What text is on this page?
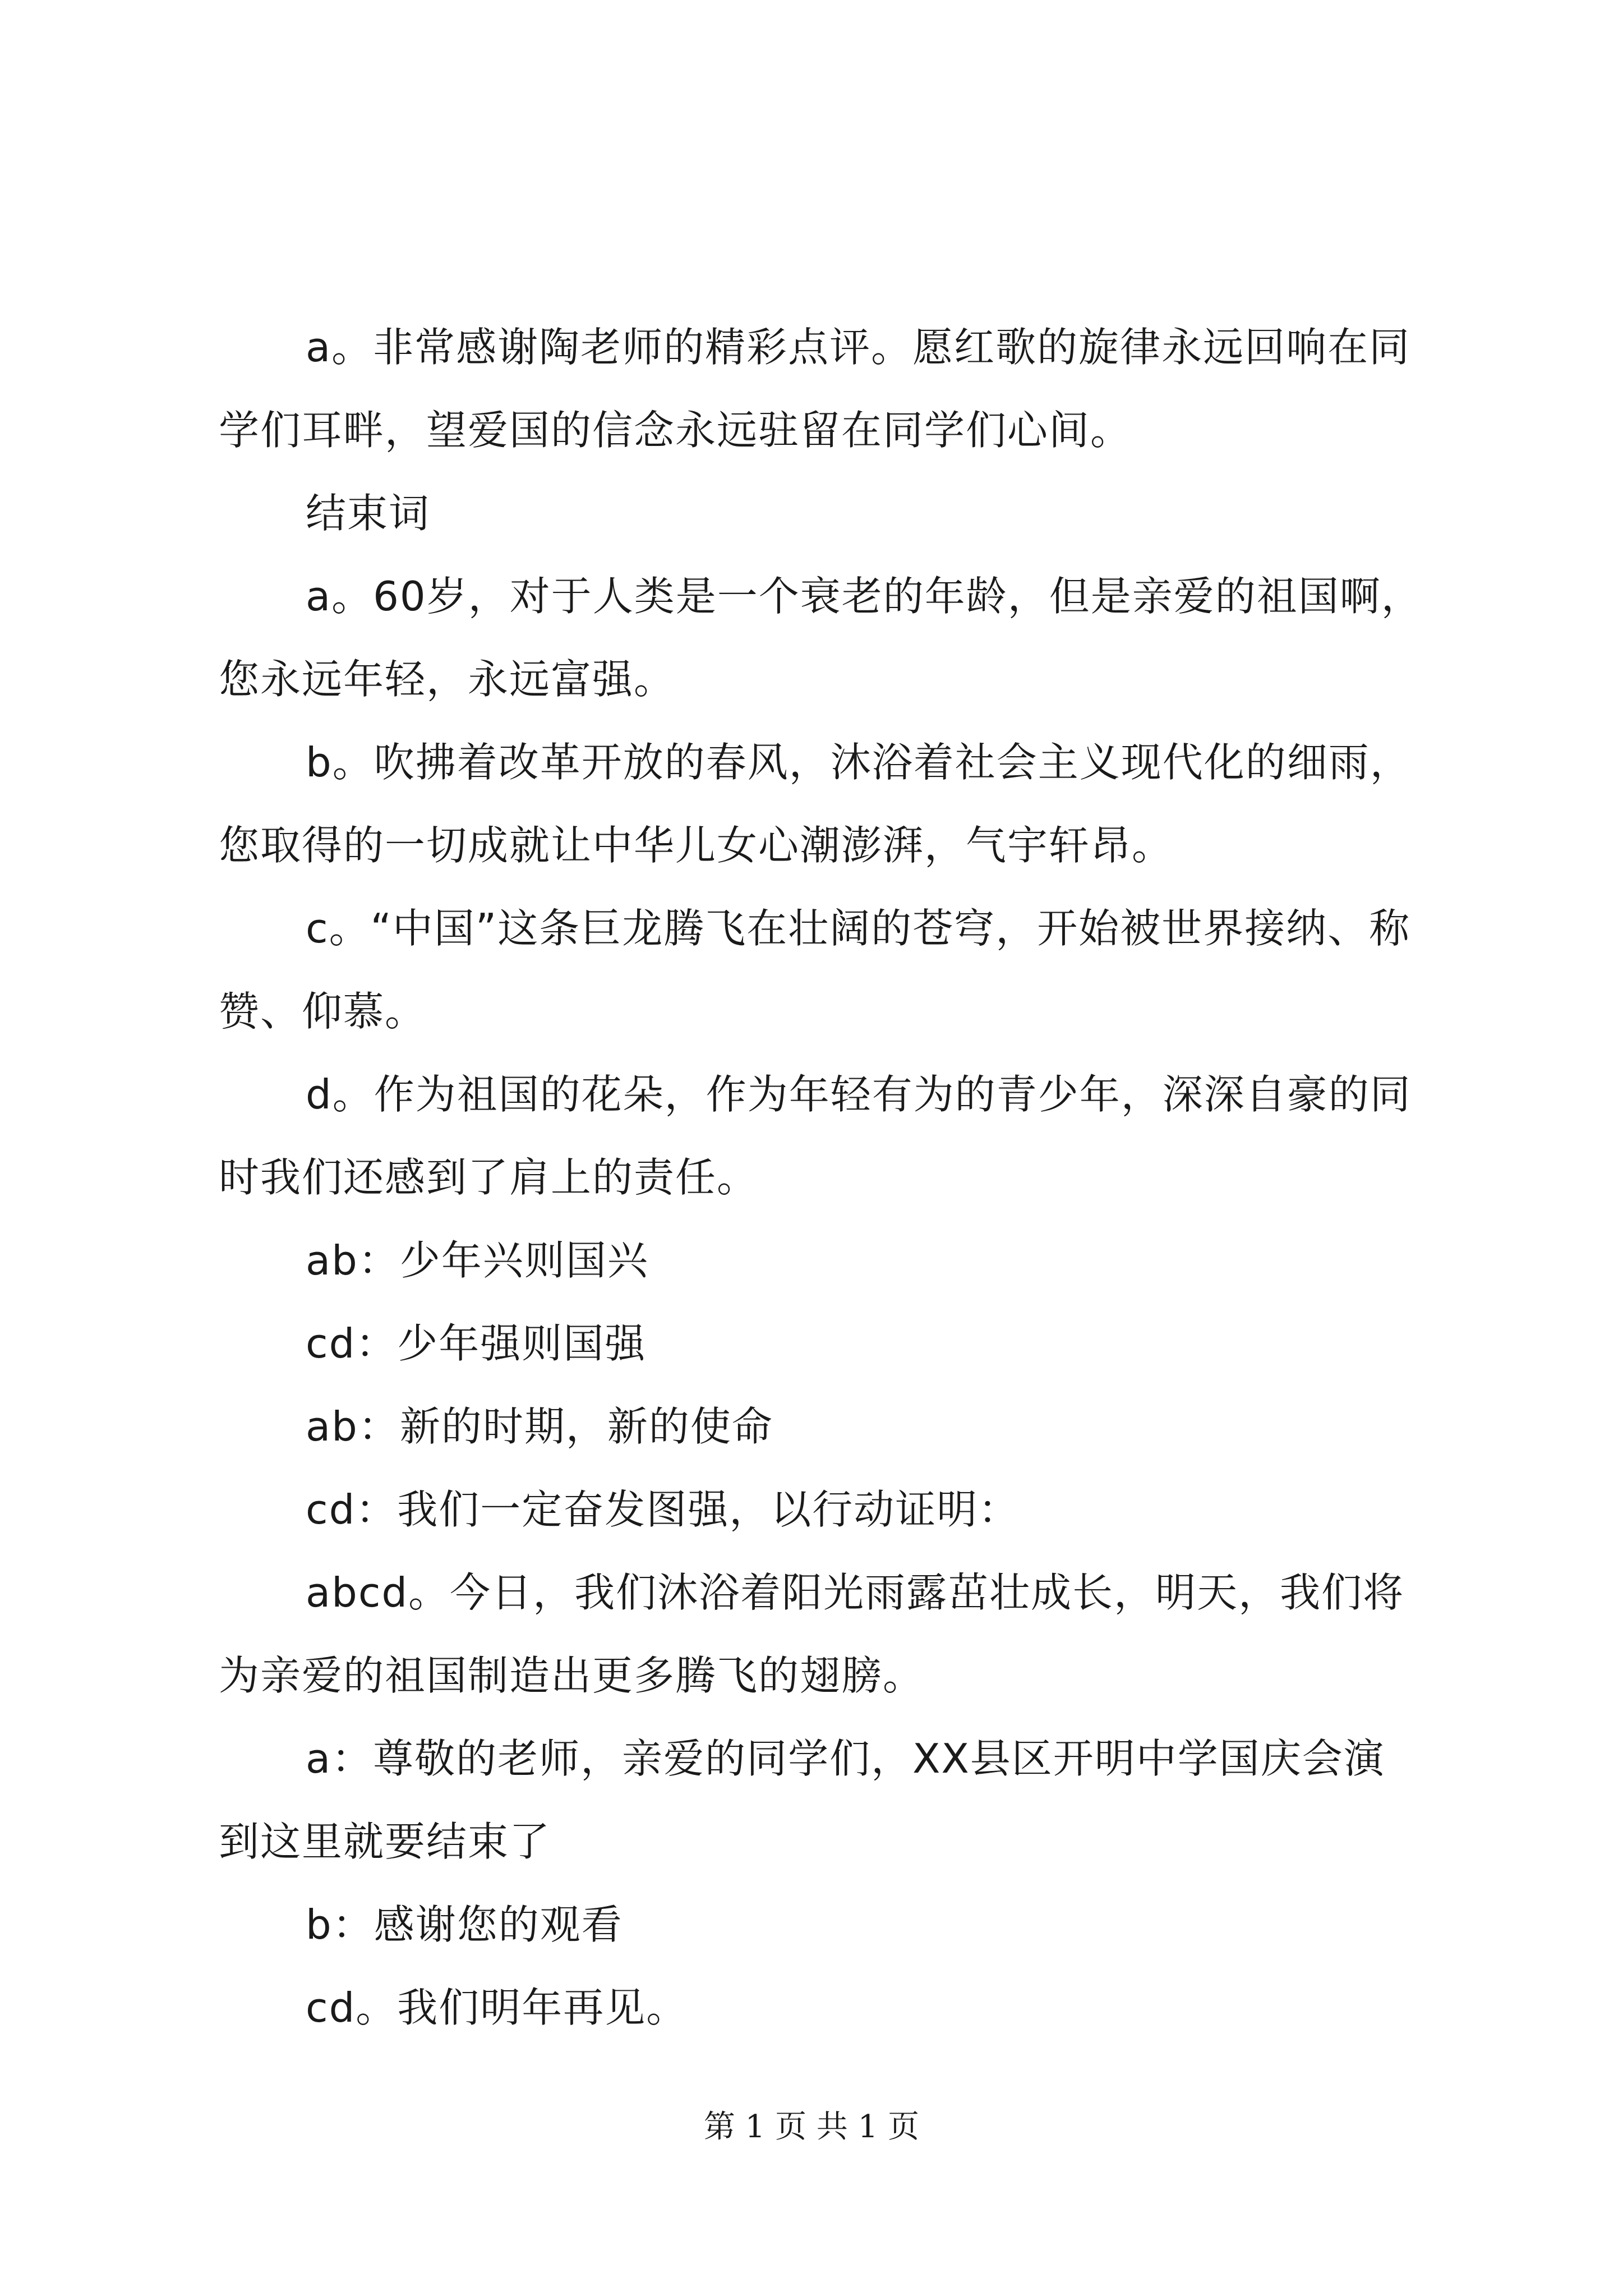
a。非常感谢陶老师的精彩点评。愿红歌的旋律永远回响在同学们耳畔，望爱国的信念永远驻留在同学们心间。

结束词

a。60岁，对于人类是一个衰老的年龄，但是亲爱的祖国啊，您永远年轻，永远富强。

b。吹拂着改革开放的春风，沐浴着社会主义现代化的细雨，您取得的一切成就让中华儿女心潮澎湃，气宇轩昂。

c。“中国”这条巨龙腾飞在壮阔的苍穹，开始被世界接纳、称赞、仰慕。

d。作为祖国的花朵，作为年轻有为的青少年，深深自豪的同时我们还感到了肩上的责任。

ab：少年兴则国兴

cd：少年强则国强

ab：新的时期，新的使命

cd：我们一定奋发图强，以行动证明：

abcd。今日，我们沐浴着阳光雨露茁壮成长，明天，我们将为亲爱的祖国制造出更多腾飞的翅膀。

a：尊敬的老师，亲爱的同学们，XX县区开明中学国庆会演到这里就要结束了

b：感谢您的观看

cd。我们明年再见。

第 1 页 共 1 页
